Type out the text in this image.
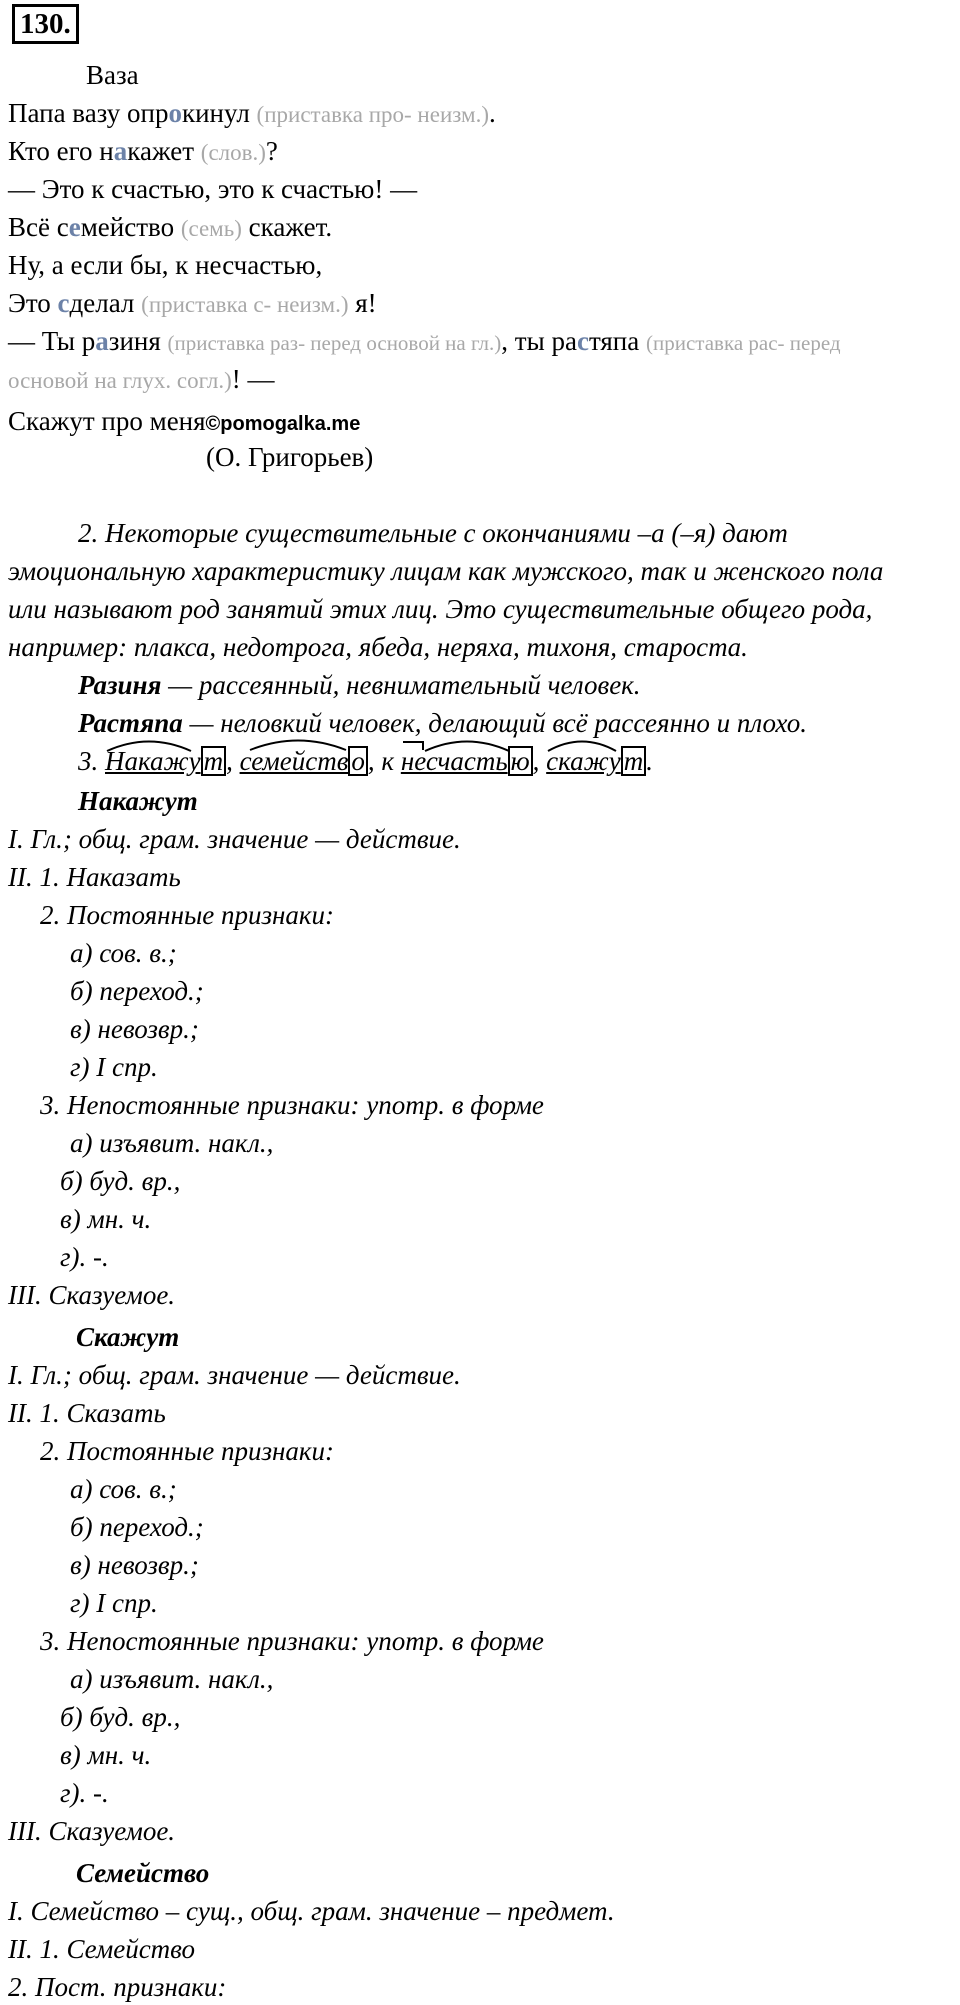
130.
Ваза
Папа вазу опрокинул (приставка про- неизм.).
Кто его накажет (слов.)?
— Это к счастью, это к счастью! —
Всё семейство (семь) скажет.
Ну, а если бы, к несчастью,
Это сделал (приставка с- неизм.) я!
— Ты разиня (приставка раз- перед основой на гл.), ты растяпа (приставка рас- перед
основой на глух. согл.)! —
Скажут про меня©pomogalka.me
(О. Григорьев)
2. Некоторые существительные с окончаниями –а (–я) дают
эмоциональную характеристику лицам как мужского, так и женского пола
или называют род занятий этих лиц. Это существительные общего рода,
например: плакса, недотрога, ябеда, неряха, тихоня, старостa.
Разиня — рассеянный, невнимательный человек.
Растяпа — неловкий человек, делающий всё рассеянно и плохо.
3.
Накажу т ,
семейств о , к
несчасть ю ,
скажу т .
Накажут
I. Гл.; общ. грам. значение — действие.
II. 1. Наказать
2. Постоянные признаки:
а) сов. в.;
б) переход.;
в) невозвр.;
г) I спр.
3. Непостоянные признаки: употр. в форме
а) изъявит. накл.,
б) буд. вр.,
в) мн. ч.
г). -.
III. Сказуемое.
Скажут
I. Гл.; общ. грам. значение — действие.
II. 1. Сказать
2. Постоянные признаки:
а) сов. в.;
б) переход.;
в) невозвр.;
г) I спр.
3. Непостоянные признаки: употр. в форме
а) изъявит. накл.,
б) буд. вр.,
в) мн. ч.
г). -.
III. Сказуемое.
Семейство
I. Семейство – сущ., общ. грам. значение – предмет.
II. 1. Семейство
2. Пост. признаки:
